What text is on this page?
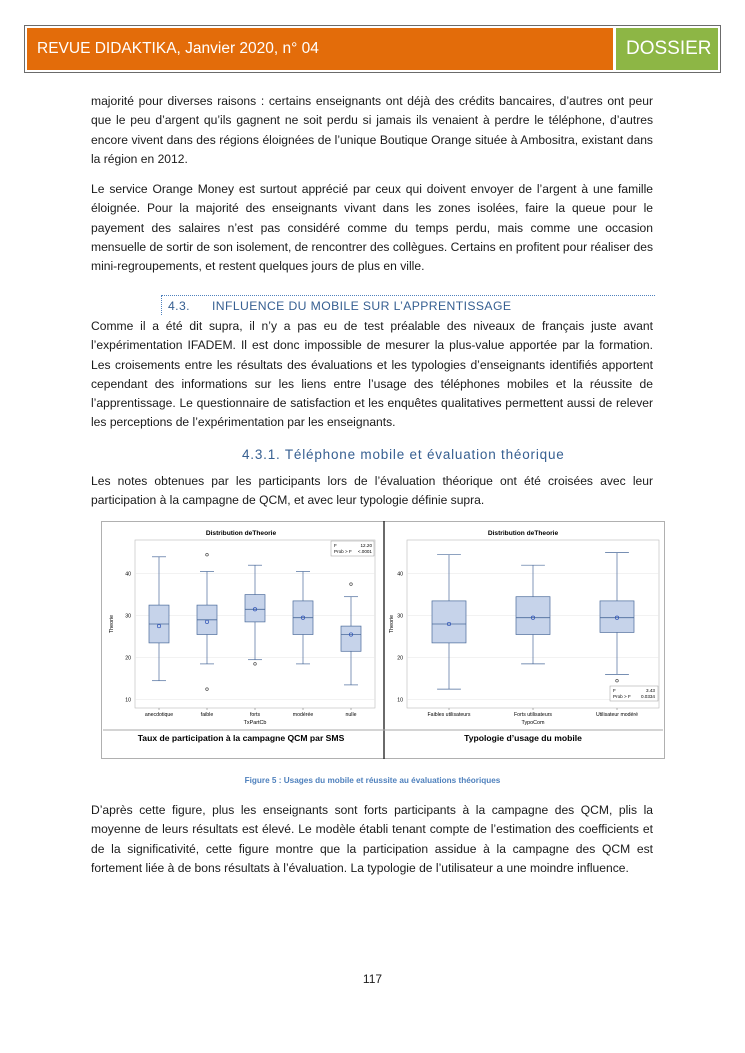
REVUE DIDAKTIKA, Janvier 2020, n° 04	DOSSIER

majorité pour diverses raisons : certains enseignants ont déjà des crédits bancaires, d’autres ont peur que le peu d’argent qu’ils gagnent ne soit perdu si jamais ils venaient à perdre le téléphone, d’autres encore vivent dans des régions éloignées de l’unique Boutique Orange située à Ambositra, existant dans la région en 2012.

Le service Orange Money est surtout apprécié par ceux qui doivent envoyer de l’argent à une famille éloignée. Pour la majorité des enseignants vivant dans les zones isolées, faire la queue pour le payement des salaires n’est pas considéré comme du temps perdu, mais comme une occasion mensuelle de sortir de son isolement, de rencontrer des collègues. Certains en profitent pour réaliser des mini-regroupements, et restent quelques jours de plus en ville.

4.3. INFLUENCE DU MOBILE SUR L’APPRENTISSAGE

Comme il a été dit supra, il n’y a pas eu de test préalable des niveaux de français juste avant l’expérimentation IFADEM. Il est donc impossible de mesurer la plus-value apportée par la formation. Les croisements entre les résultats des évaluations et les typologies d’enseignants identifiés apportent cependant des informations sur les liens entre l’usage des téléphones mobiles et la réussite de l’apprentissage. Le questionnaire de satisfaction et les enquêtes qualitatives permettent aussi de relever les perceptions de l’expérimentation par les enseignants.

4.3.1. Téléphone mobile et évaluation théorique

Les notes obtenues par les participants lors de l’évaluation théorique ont été croisées avec leur participation à la campagne de QCM, et avec leur typologie définie supra.

Distribution deTheorie
10
20
30
40
anecdotique	faible	forts	modérée	nulle
Theorie
TxPartCb
F	12.20
Prob > F <.0001
Taux de participation à la campagne QCM par SMS
Distribution deTheorie
10
20
30
40
Faibles utilisateurs	Forts utilisateurs	Utilisateur modéré
Theorie
TypoCom
F	3.43
Prob > F 0.0334
Typologie d’usage du mobile
Figure 5 : Usages du mobile et réussite au évaluations théoriques

D’après cette figure, plus les enseignants sont forts participants à la campagne des QCM, plis la moyenne de leurs résultats est élevé. Le modèle établi tenant compte de l’estimation des coefficients et de la significativité, cette figure montre que la participation assidue à la campagne des QCM est fortement liée à de bons résultats à l’évaluation. La typologie de l’utilisateur a une moindre influence.

117
